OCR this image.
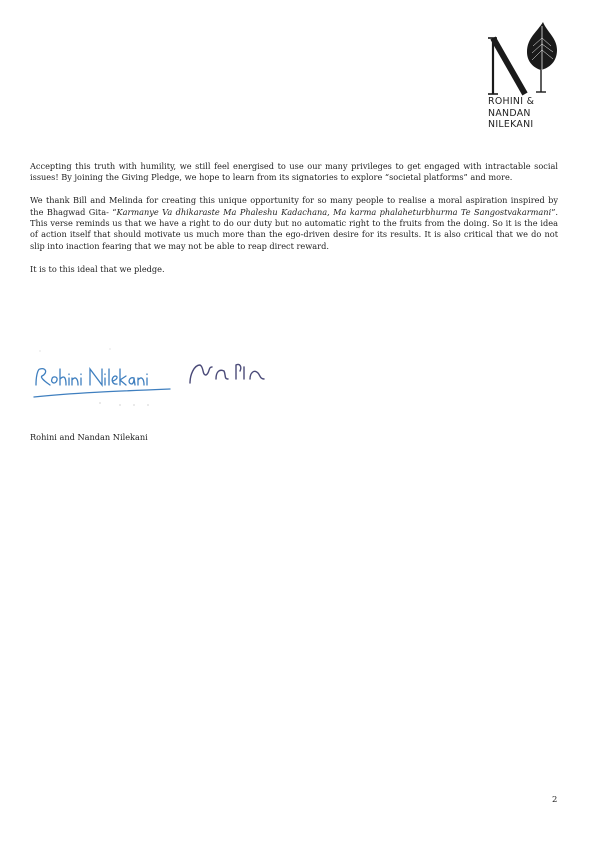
ROHINI &
NANDAN
NILEKANI

Accepting this truth with humility, we still feel energised to use our many privileges to get engaged with intractable social issues! By joining the Giving Pledge, we hope to learn from its signatories to explore “societal platforms” and more.

We thank Bill and Melinda for creating this unique opportunity for so many people to realise a moral aspiration inspired by the Bhagwad Gita- “Karmanye Va dhikaraste Ma Phaleshu Kadachana, Ma karma phalaheturbhurma Te Sangostvakarmani”. This verse reminds us that we have a right to do our duty but no automatic right to the fruits from the doing. So it is the idea of action itself that should motivate us much more than the ego-driven desire for its results. It is also critical that we do not slip into inaction fearing that we may not be able to reap direct reward.

It is to this ideal that we pledge.

Rohini and Nandan Nilekani
2
